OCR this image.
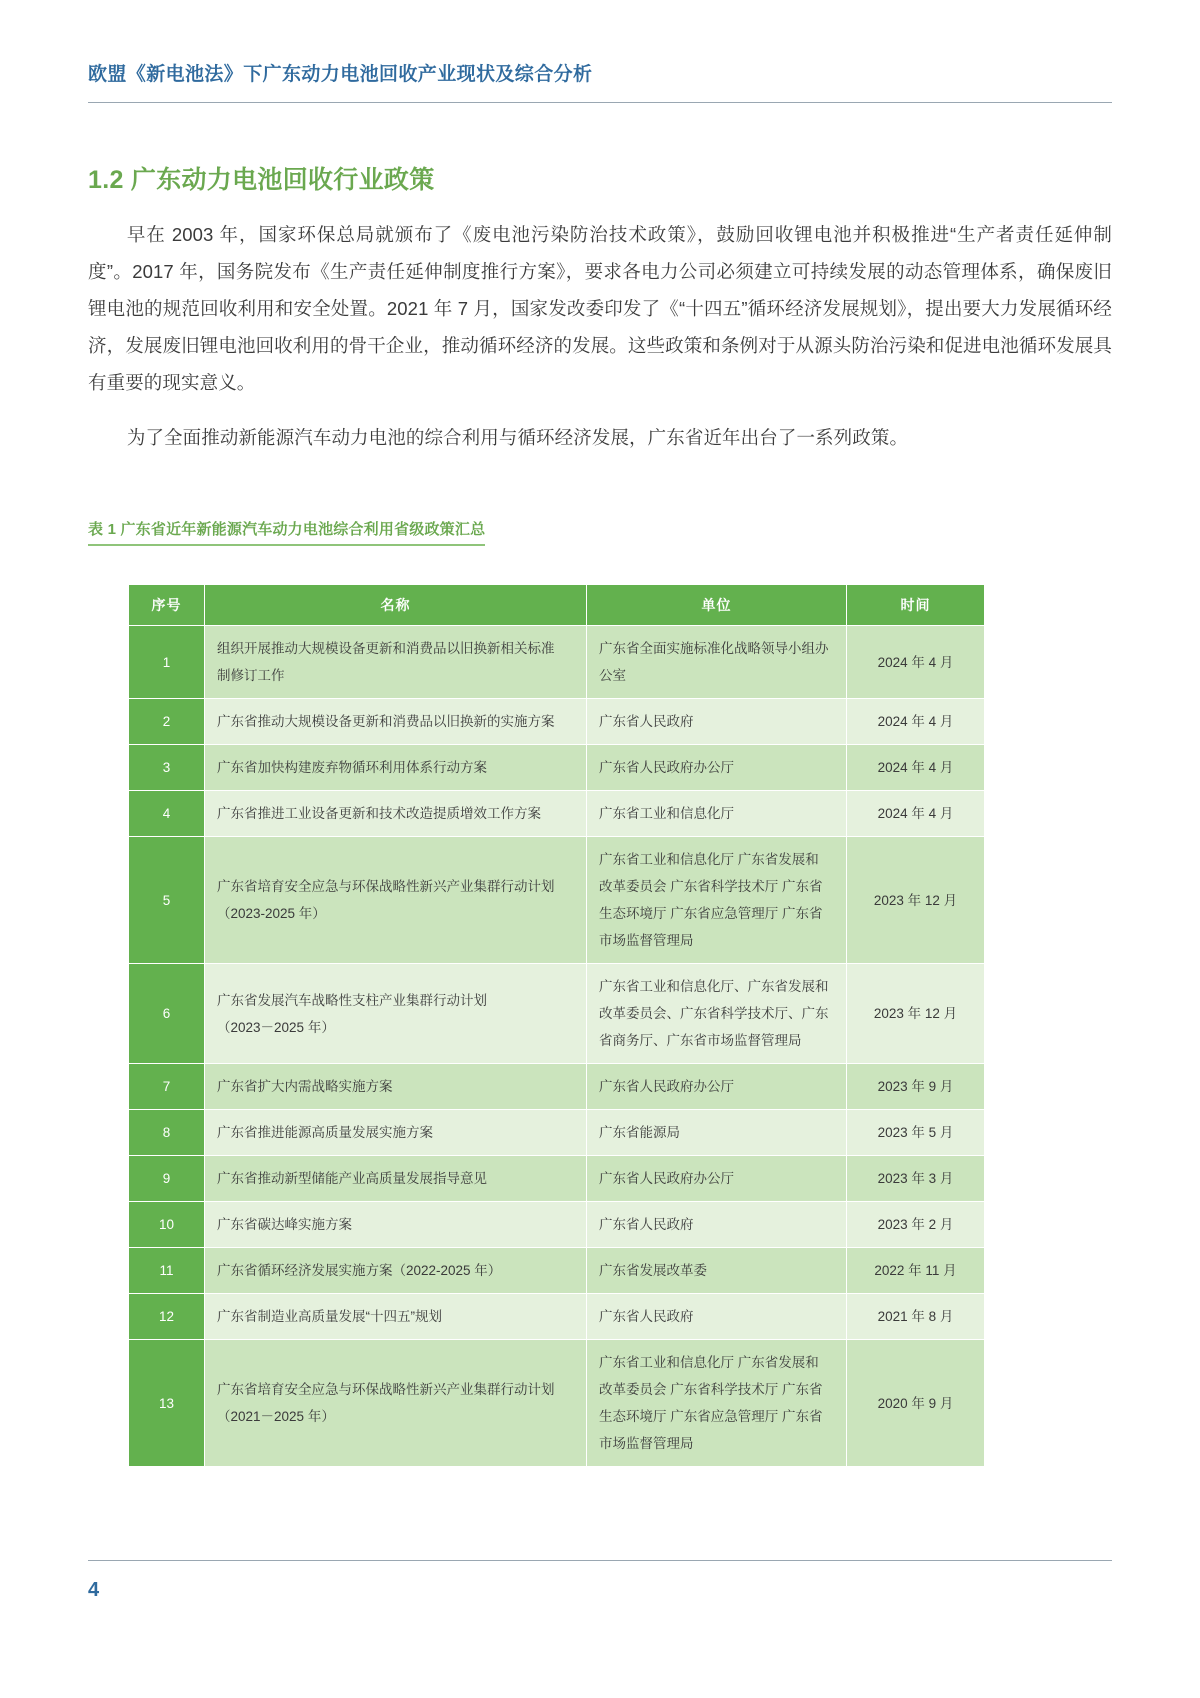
欧盟《新电池法》下广东动力电池回收产业现状及综合分析
1.2 广东动力电池回收行业政策

早在 2003 年，国家环保总局就颁布了《废电池污染防治技术政策》，鼓励回收锂电池并积极推进“生产者责任延伸制度”。2017 年，国务院发布《生产责任延伸制度推行方案》，要求各电力公司必须建立可持续发展的动态管理体系，确保废旧锂电池的规范回收利用和安全处置。2021 年 7 月，国家发改委印发了《“十四五”循环经济发展规划》，提出要大力发展循环经济，发展废旧锂电池回收利用的骨干企业，推动循环经济的发展。这些政策和条例对于从源头防治污染和促进电池循环发展具有重要的现实意义。

为了全面推动新能源汽车动力电池的综合利用与循环经济发展，广东省近年出台了一系列政策。

表 1 广东省近年新能源汽车动力电池综合利用省级政策汇总
序号	名称	单位	时间
1	组织开展推动大规模设备更新和消费品以旧换新相关标准
制修订工作	广东省全面实施标准化战略领导小组办
公室	2024 年 4 月
2	广东省推动大规模设备更新和消费品以旧换新的实施方案	广东省人民政府	2024 年 4 月
3	广东省加快构建废弃物循环利用体系行动方案	广东省人民政府办公厅	2024 年 4 月
4	广东省推进工业设备更新和技术改造提质增效工作方案	广东省工业和信息化厅	2024 年 4 月
5	广东省培育安全应急与环保战略性新兴产业集群行动计划
（2023-2025 年）	广东省工业和信息化厅 广东省发展和
改革委员会 广东省科学技术厅 广东省
生态环境厅 广东省应急管理厅 广东省
市场监督管理局	2023 年 12 月
6	广东省发展汽车战略性支柱产业集群行动计划
（2023－2025 年）	广东省工业和信息化厅、广东省发展和
改革委员会、广东省科学技术厅、广东
省商务厅、广东省市场监督管理局	2023 年 12 月
7	广东省扩大内需战略实施方案	广东省人民政府办公厅	2023 年 9 月
8	广东省推进能源高质量发展实施方案	广东省能源局	2023 年 5 月
9	广东省推动新型储能产业高质量发展指导意见	广东省人民政府办公厅	2023 年 3 月
10	广东省碳达峰实施方案	广东省人民政府	2023 年 2 月
11	广东省循环经济发展实施方案（2022-2025 年）	广东省发展改革委	2022 年 11 月
12	广东省制造业高质量发展“十四五”规划	广东省人民政府	2021 年 8 月
13	广东省培育安全应急与环保战略性新兴产业集群行动计划
（2021－2025 年）	广东省工业和信息化厅 广东省发展和
改革委员会 广东省科学技术厅 广东省
生态环境厅 广东省应急管理厅 广东省
市场监督管理局	2020 年 9 月
4
